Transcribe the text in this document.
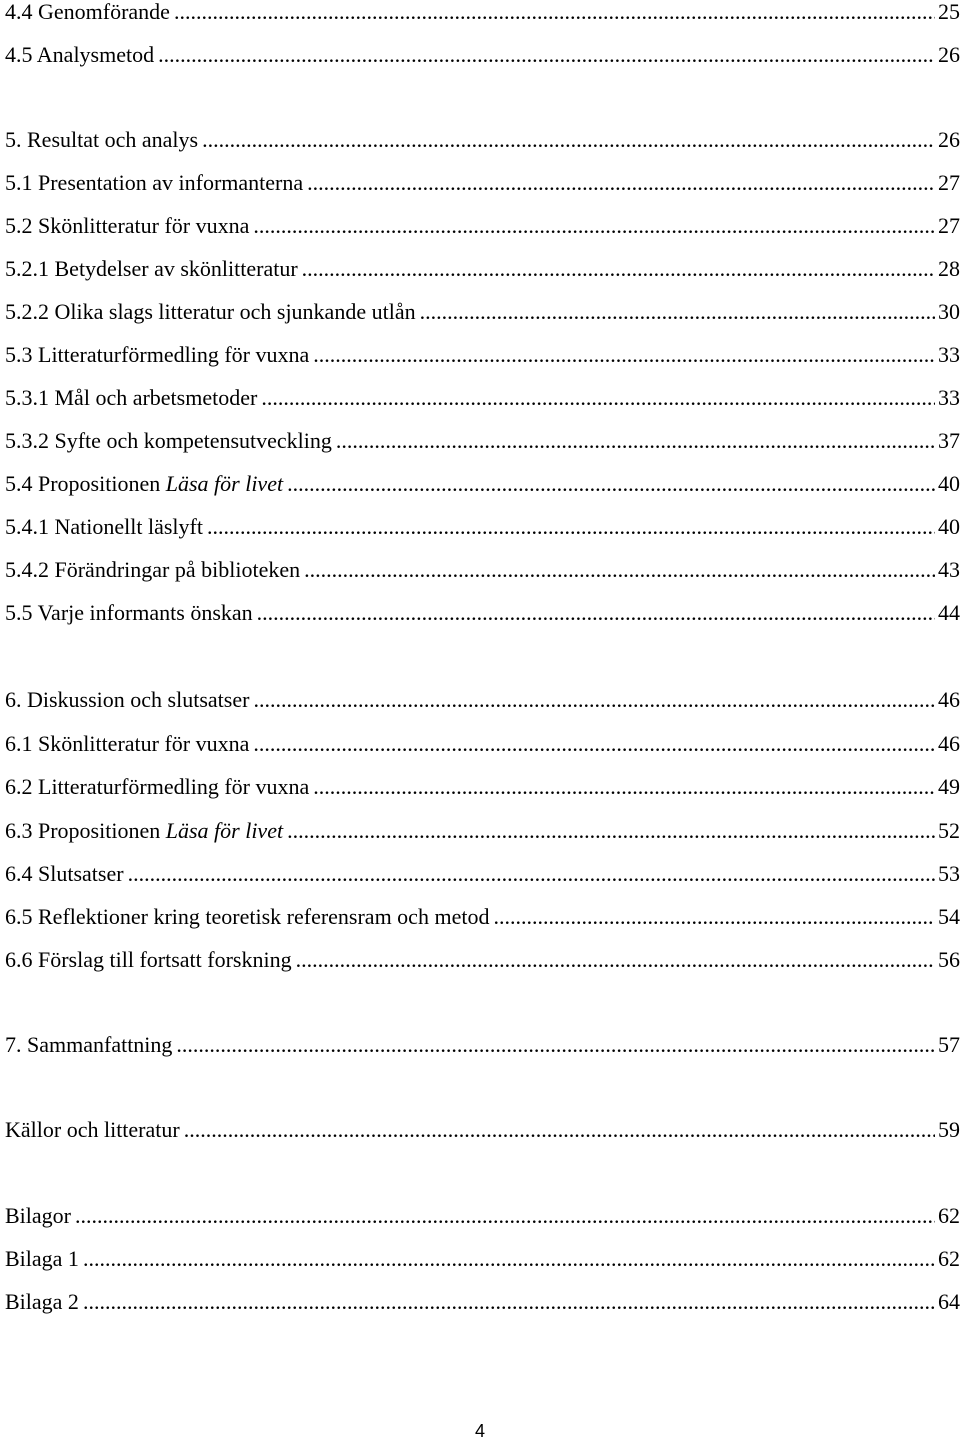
4.4 Genomförande .....	25
4.5 Analysmetod .....	26
5. Resultat och analys .....	26
5.1 Presentation av informanterna .....	27
5.2 Skönlitteratur för vuxna .....	27
5.2.1 Betydelser av skönlitteratur .....	28
5.2.2 Olika slags litteratur och sjunkande utlån .....	30
5.3 Litteraturförmedling för vuxna .....	33
5.3.1 Mål och arbetsmetoder .....	33
5.3.2 Syfte och kompetensutveckling .....	37
5.4 Propositionen Läsa för livet .....	40
5.4.1 Nationellt läslyft .....	40
5.4.2 Förändringar på biblioteken .....	43
5.5 Varje informants önskan .....	44
6. Diskussion och slutsatser .....	46
6.1 Skönlitteratur för vuxna .....	46
6.2 Litteraturförmedling för vuxna .....	49
6.3 Propositionen Läsa för livet .....	52
6.4 Slutsatser .....	53
6.5 Reflektioner kring teoretisk referensram och metod .....	54
6.6 Förslag till fortsatt forskning .....	56
7. Sammanfattning .....	57
Källor och litteratur .....	59
Bilagor .....	62
Bilaga 1 .....	62
Bilaga 2 .....	64
4
